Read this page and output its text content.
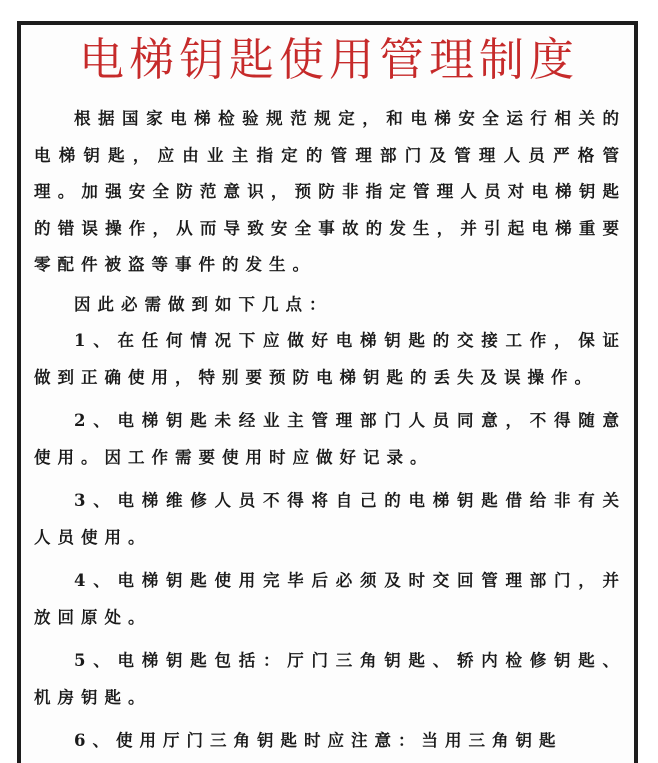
电梯钥匙使用管理制度

根据国家电梯检验规范规定，和电梯安全运行相关的电梯钥匙，应由业主指定的管理部门及管理人员严格管理。加强安全防范意识，预防非指定管理人员对电梯钥匙的错误操作，从而导致安全事故的发生，并引起电梯重要零配件被盗等事件的发生。

因此必需做到如下几点：

1、在任何情况下应做好电梯钥匙的交接工作，保证做到正确使用，特别要预防电梯钥匙的丢失及误操作。

2、电梯钥匙未经业主管理部门人员同意，不得随意使用。因工作需要使用时应做好记录。

3、电梯维修人员不得将自己的电梯钥匙借给非有关人员使用。

4、电梯钥匙使用完毕后必须及时交回管理部门，并放回原处。

5、电梯钥匙包括：厅门三角钥匙、轿内检修钥匙、机房钥匙。

6、使用厅门三角钥匙时应注意：当用三角钥匙
